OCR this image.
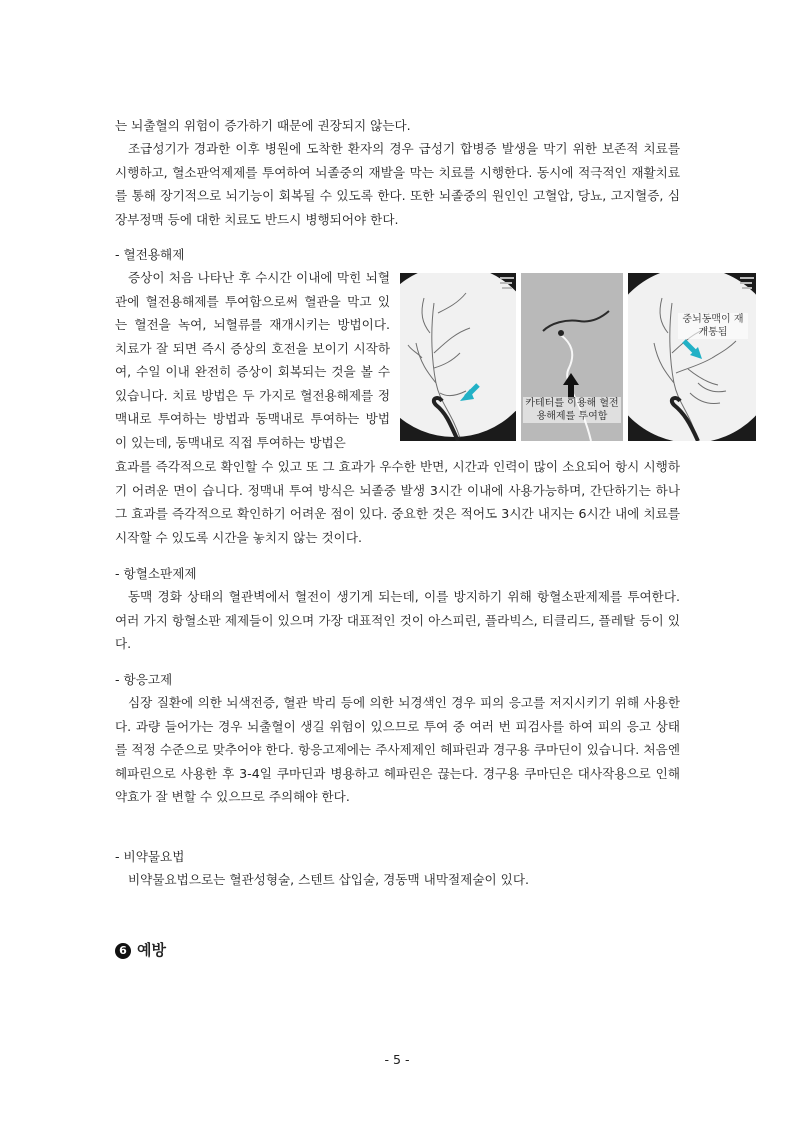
는 뇌출혈의 위험이 증가하기 때문에 권장되지 않는다.

조급성기가 경과한 이후 병원에 도착한 환자의 경우 급성기 합병증 발생을 막기 위한 보존적 치료를 시행하고, 혈소판억제제를 투여하여 뇌졸중의 재발을 막는 치료를 시행한다. 동시에 적극적인 재활치료를 통해 장기적으로 뇌기능이 회복될 수 있도록 한다. 또한 뇌졸중의 원인인 고혈압, 당뇨, 고지혈증, 심장부정맥 등에 대한 치료도 반드시 병행되어야 한다.

- 혈전용해제

증상이 처음 나타난 후 수시간 이내에 막힌 뇌혈관에 혈전용해제를 투여함으로써 혈관을 막고 있는 혈전을 녹여, 뇌혈류를 재개시키는 방법이다. 치료가 잘 되면 즉시 증상의 호전을 보이기 시작하여, 수일 이내 완전히 증상이 회복되는 것을 볼 수 있습니다. 치료 방법은 두 가지로 혈전용해제를 정맥내로 투여하는 방법과 동맥내로 투여하는 방법이 있는데, 동맥내로 직접 투여하는 방법은

효과를 즉각적으로 확인할 수 있고 또 그 효과가 우수한 반면, 시간과 인력이 많이 소요되어 항시 시행하기 어려운 면이 습니다. 정맥내 투여 방식은 뇌졸중 발생 3시간 이내에 사용가능하며, 간단하기는 하나 그 효과를 즉각적으로 확인하기 어려운 점이 있다. 중요한 것은 적어도 3시간 내지는 6시간 내에 치료를 시작할 수 있도록 시간을 놓치지 않는 것이다.

카테터를 이용해 혈전용해제를 투여함
중뇌동맥이 재개통됨

- 항혈소판제제

동맥 경화 상태의 혈관벽에서 혈전이 생기게 되는데, 이를 방지하기 위해 항혈소판제제를 투여한다. 여러 가지 항혈소판 제제들이 있으며 가장 대표적인 것이 아스피린, 플라빅스, 티클리드, 플레탈 등이 있다.

- 항응고제

심장 질환에 의한 뇌색전증, 혈관 박리 등에 의한 뇌경색인 경우 피의 응고를 저지시키기 위해 사용한다. 과량 들어가는 경우 뇌출혈이 생길 위험이 있으므로 투여 중 여러 번 피검사를 하여 피의 응고 상태를 적정 수준으로 맞추어야 한다. 항응고제에는 주사제제인 헤파린과 경구용 쿠마딘이 있습니다. 처음엔 헤파린으로 사용한 후 3-4일 쿠마딘과 병용하고 헤파린은 끊는다. 경구용 쿠마딘은 대사작용으로 인해 약효가 잘 변할 수 있으므로 주의해야 한다.

- 비약물요법

비약물요법으로는 혈관성형술, 스텐트 삽입술, 경동맥 내막절제술이 있다.

6 예방
- 5 -
